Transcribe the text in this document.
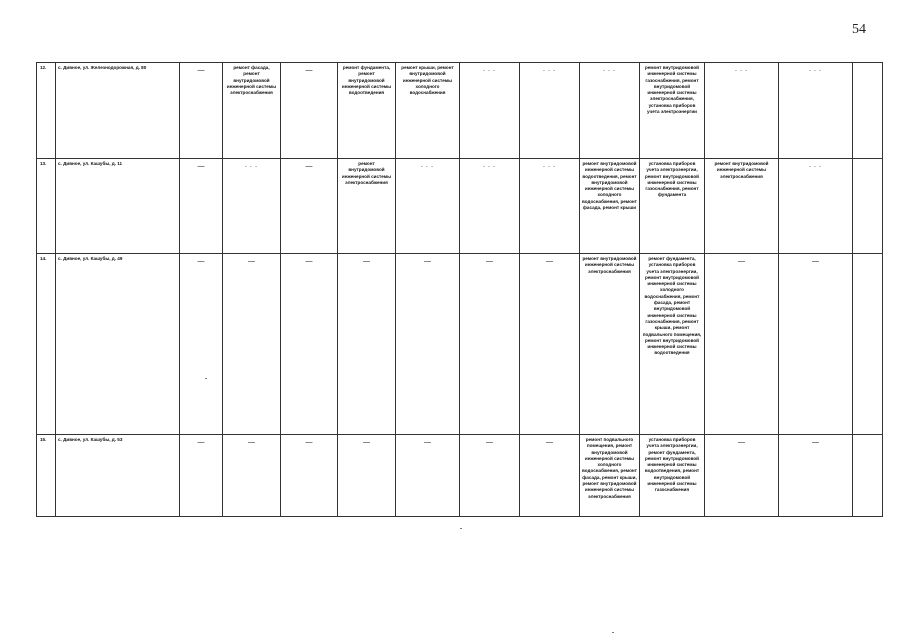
54
12.	с. Дивное, ул. Железнодорожная, д. 80	—	ремонт фасада, ремонт внутридомовой инженерной системы электроснабжения	—	ремонт фундамента, ремонт внутридомовой инженерной системы водоотведения	ремонт крыши, ремонт внутридомовой инженерной системы холодного водоснабжения	- - -	- - -	- - -	ремонт внутридомовой инженерной системы газоснабжения, ремонт внутридомовой инженерной системы электроснабжения, установка приборов учета электроэнергии	- - -	- - -	
13.	с. Дивное, ул. Кашубы, д. 11	—	- - -	—	ремонт внутридомовой инженерной системы электроснабжения	- - -	- - -	- - -	ремонт внутридомовой инженерной системы водоотведения, ремонт внутридомовой инженерной системы холодного водоснабжения, ремонт фасада, ремонт крыши	установка приборов учета электроэнергии, ремонт внутридомовой инженерной системы газоснабжения, ремонт фундамента	ремонт внутридомовой инженерной системы электроснабжения	- - -	
14.	с. Дивное, ул. Кашубы, д. 49	—	—	—	—	—	—	—	ремонт внутридомовой инженерной системы электроснабжения	ремонт фундамента, установка приборов учета электроэнергии, ремонт внутридомовой инженерной системы холодного водоснабжения, ремонт фасада, ремонт внутридомовой инженерной системы газоснабжения, ремонт крыши, ремонт подвального помещения, ремонт внутридомовой инженерной системы водоотведения	—	—	
15.	с. Дивное, ул. Кашубы, д. 53	—	—	—	—	—	—	—	ремонт подвального помещения, ремонт внутридомовой инженерной системы холодного водоснабжения, ремонт фасада, ремонт крыши, ремонт внутридомовой инженерной системы электроснабжения	установка приборов учета электроэнергии, ремонт фундамента, ремонт внутридомовой инженерной системы водоотведения, ремонт внутридомовой инженерной системы газоснабжения	—	—	
